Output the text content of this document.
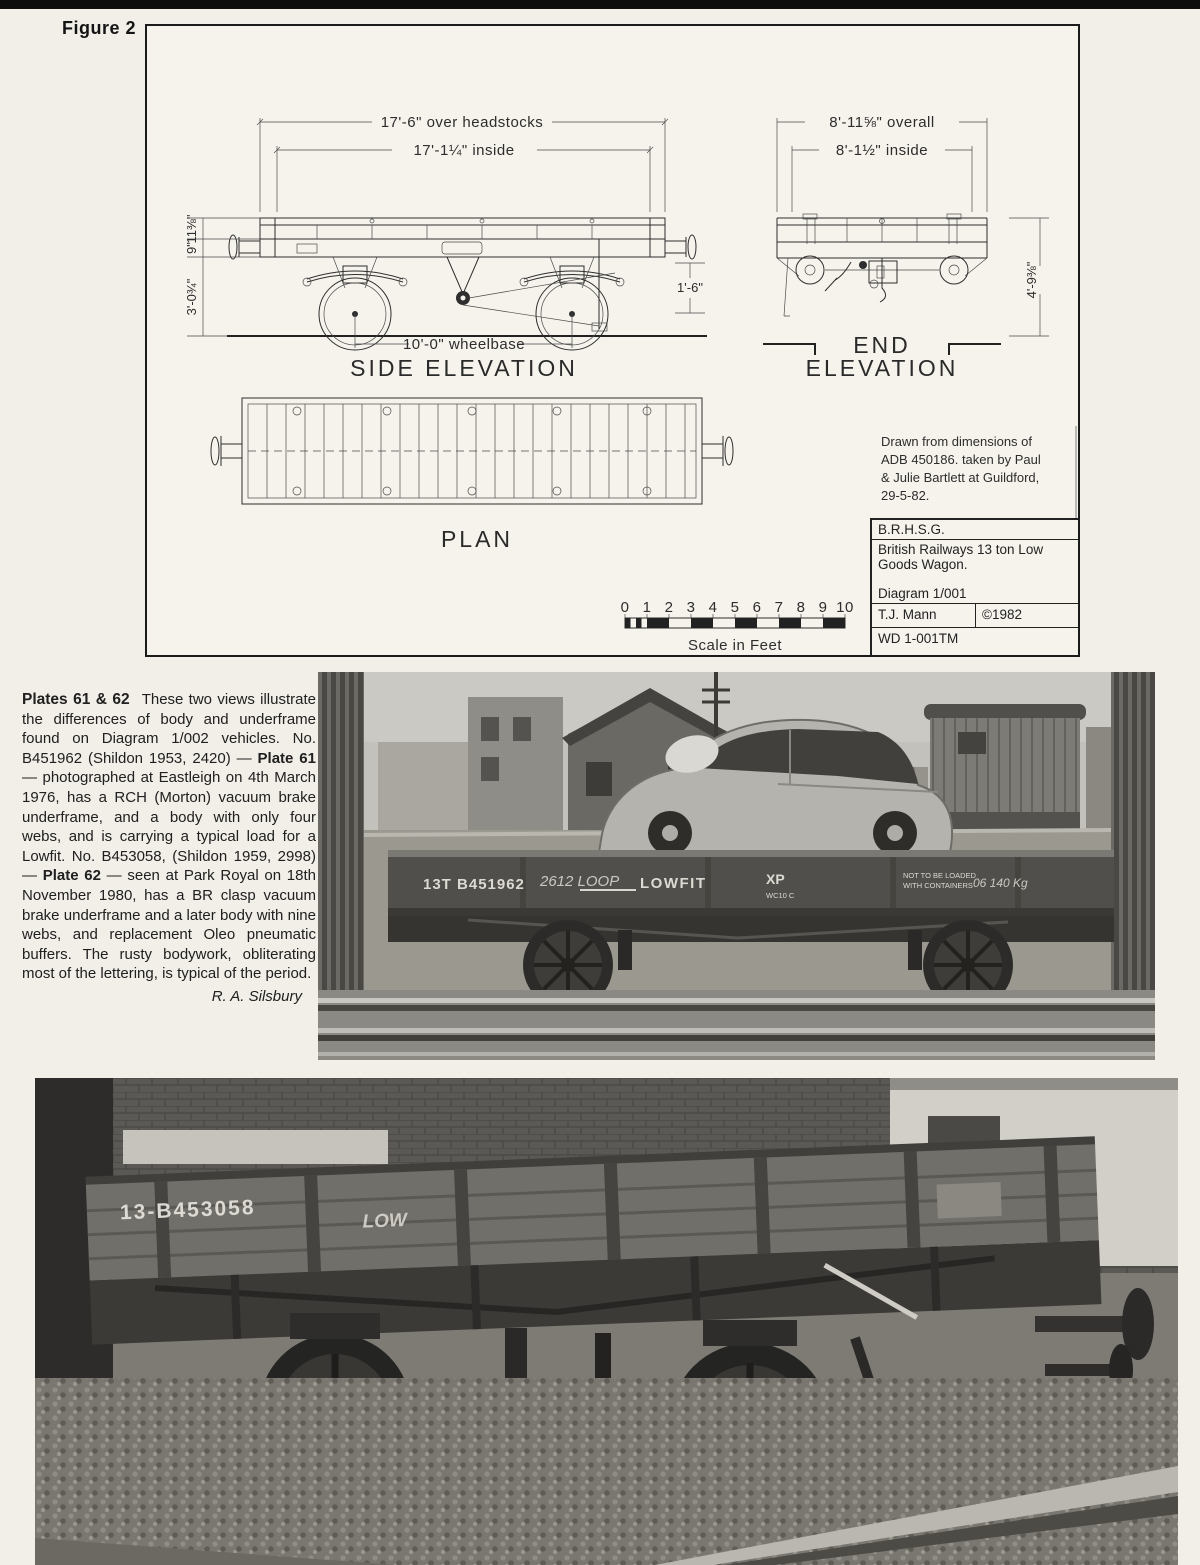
Figure 2
17'-6" over headstocks
17'-1¼" inside
11⅜"
9"
3'-0¾"	1'-6"
10'-0" wheelbase
SIDE ELEVATION
8'-11⅝" overall
8'-1½" inside
4'-9⅜"
END
ELEVATION
PLAN
0 1 2 3 4 5 6 7 8 9 10
Scale in Feet
Drawn from dimensions of
ADB 450186. taken by Paul
& Julie Bartlett at Guildford,
29-5-82.
B.R.H.S.G.
British Railways 13 ton Low
Goods Wagon.
Diagram 1/001
T.J. Mann	©1982
WD 1-001TM
Plates 61 & 62 These two views illustrate the differences of body and underframe found on Diagram 1/002 vehicles. No. B451962 (Shildon 1953, 2420) — Plate 61 — photographed at Eastleigh on 4th March 1976, has a RCH (Morton) vacuum brake underframe, and a body with only four webs, and is carrying a typical load for a Lowfit. No. B453058, (Shildon 1959, 2998) — Plate 62 — seen at Park Royal on 18th November 1980, has a BR clasp vacuum brake underframe and a later body with nine webs, and replacement Oleo pneumatic buffers. The rusty bodywork, obliterating most of the lettering, is typical of the period.
R. A. Silsbury
13T B451962 2612 LOOP LOWFIT	XP
WC10 C
NOT TO BE LOADED
WITH CONTAINERS 06 140 Kg
13-B453058	LOW
